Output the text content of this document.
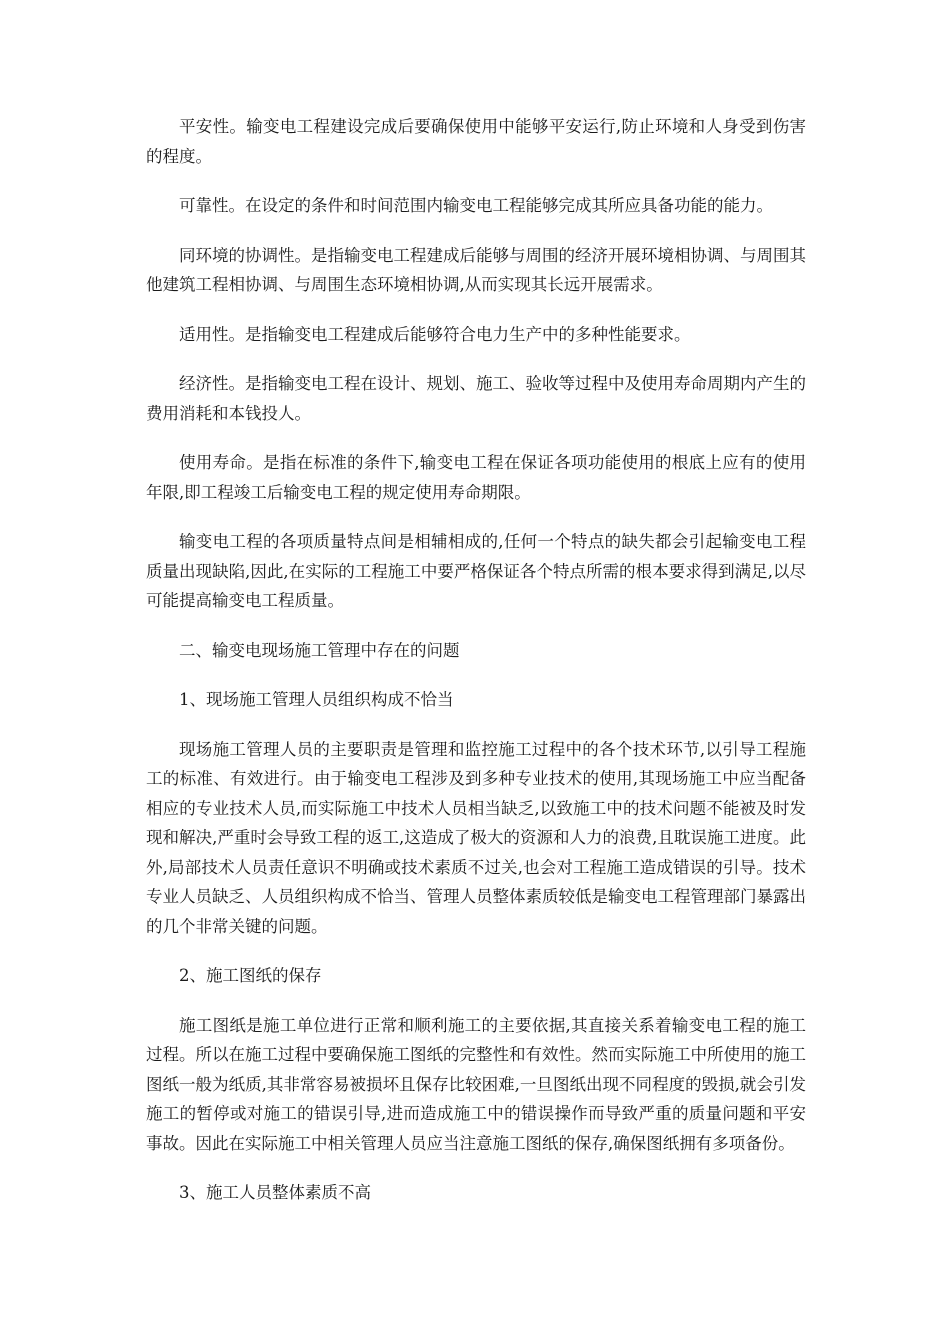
平安性。输变电工程建设完成后要确保使用中能够平安运行,防止环境和人身受到伤害的程度。

可靠性。在设定的条件和时间范围内输变电工程能够完成其所应具备功能的能力。

同环境的协调性。是指输变电工程建成后能够与周围的经济开展环境相协调、与周围其他建筑工程相协调、与周围生态环境相协调,从而实现其长远开展需求。

适用性。是指输变电工程建成后能够符合电力生产中的多种性能要求。

经济性。是指输变电工程在设计、规划、施工、验收等过程中及使用寿命周期内产生的费用消耗和本钱投人。

使用寿命。是指在标准的条件下,输变电工程在保证各项功能使用的根底上应有的使用年限,即工程竣工后输变电工程的规定使用寿命期限。

输变电工程的各项质量特点间是相辅相成的,任何一个特点的缺失都会引起输变电工程质量出现缺陷,因此,在实际的工程施工中要严格保证各个特点所需的根本要求得到满足,以尽可能提高输变电工程质量。

二、输变电现场施工管理中存在的问题

1、现场施工管理人员组织构成不恰当

现场施工管理人员的主要职责是管理和监控施工过程中的各个技术环节,以引导工程施工的标准、有效进行。由于输变电工程涉及到多种专业技术的使用,其现场施工中应当配备相应的专业技术人员,而实际施工中技术人员相当缺乏,以致施工中的技术问题不能被及时发现和解决,严重时会导致工程的返工,这造成了极大的资源和人力的浪费,且耽误施工进度。此外,局部技术人员责任意识不明确或技术素质不过关,也会对工程施工造成错误的引导。技术专业人员缺乏、人员组织构成不恰当、管理人员整体素质较低是输变电工程管理部门暴露出的几个非常关键的问题。

2、施工图纸的保存

施工图纸是施工单位进行正常和顺利施工的主要依据,其直接关系着输变电工程的施工过程。所以在施工过程中要确保施工图纸的完整性和有效性。然而实际施工中所使用的施工图纸一般为纸质,其非常容易被损坏且保存比较困难,一旦图纸出现不同程度的毁损,就会引发施工的暂停或对施工的错误引导,进而造成施工中的错误操作而导致严重的质量问题和平安事故。因此在实际施工中相关管理人员应当注意施工图纸的保存,确保图纸拥有多项备份。

3、施工人员整体素质不高
